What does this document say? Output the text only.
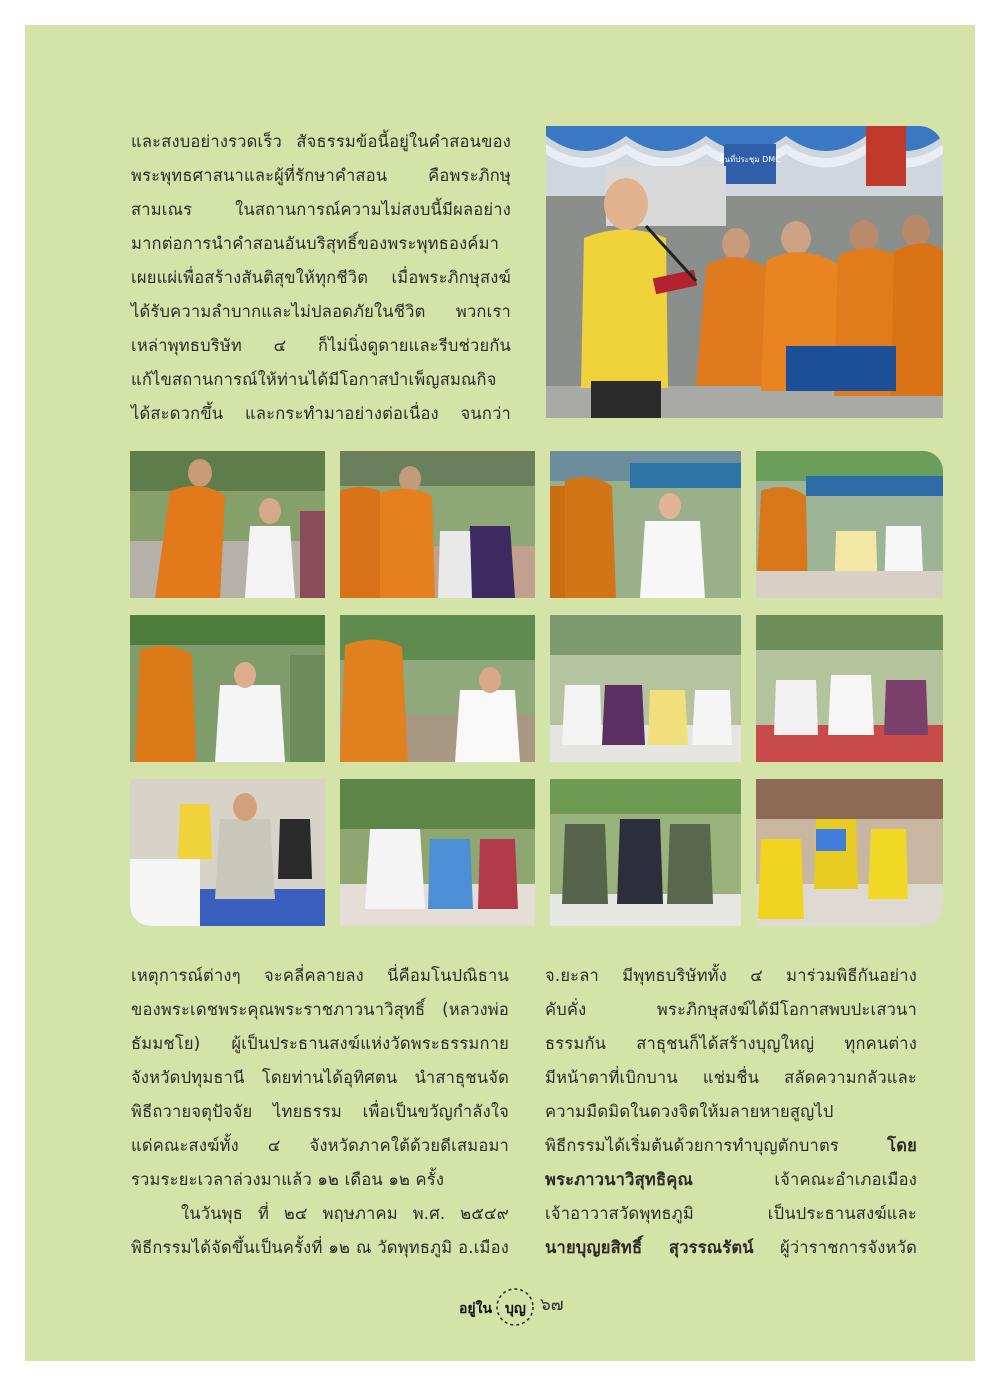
และสงบอย่างรวดเร็ว สัจธรรมข้อนี้อยู่ในคำสอนของ
พระพุทธศาสนาและผู้ที่รักษาคำสอน คือพระภิกษุ
สามเณร ในสถานการณ์ความไม่สงบนี้มีผลอย่าง
มากต่อการนำคำสอนอันบริสุทธิ์ของพระพุทธองค์มา
เผยแผ่เพื่อสร้างสันติสุขให้ทุกชีวิต เมื่อพระภิกษุสงฆ์
ได้รับความลำบากและไม่ปลอดภัยในชีวิต พวกเรา
เหล่าพุทธบริษัท ๔ ก็ไม่นิ่งดูดายและรีบช่วยกัน
แก้ไขสถานการณ์ให้ท่านได้มีโอกาสบำเพ็ญสมณกิจ
ได้สะดวกขึ้น และกระทำมาอย่างต่อเนื่อง จนกว่า
พื้นที่ประชุม DMC
เหตุการณ์ต่างๆ จะคลี่คลายลง นี่คือมโนปณิธาน
ของพระเดชพระคุณพระราชภาวนาวิสุทธิ์ (หลวงพ่อ
ธัมมชโย) ผู้เป็นประธานสงฆ์แห่งวัดพระธรรมกาย
จังหวัดปทุมธานี โดยท่านได้อุทิศตน นำสาธุชนจัด
พิธีถวายจตุปัจจัย ไทยธรรม เพื่อเป็นขวัญกำลังใจ
แด่คณะสงฆ์ทั้ง ๔ จังหวัดภาคใต้ด้วยดีเสมอมา
รวมระยะเวลาล่วงมาแล้ว ๑๒ เดือน ๑๒ ครั้ง
ในวันพุธ ที่ ๒๔ พฤษภาคม พ.ศ. ๒๕๔๙
พิธีกรรมได้จัดขึ้นเป็นครั้งที่ ๑๒ ณ วัดพุทธภูมิ อ.เมือง
จ.ยะลา มีพุทธบริษัททั้ง ๔ มาร่วมพิธีกันอย่าง
คับคั่ง พระภิกษุสงฆ์ได้มีโอกาสพบปะเสวนา
ธรรมกัน สาธุชนก็ได้สร้างบุญใหญ่ ทุกคนต่าง
มีหน้าตาที่เบิกบาน แช่มชื่น สลัดความกลัวและ
ความมืดมิดในดวงจิตให้มลายหายสูญไป
พิธีกรรมได้เริ่มต้นด้วยการทำบุญตักบาตร โดย
พระภาวนาวิสุทธิคุณ เจ้าคณะอำเภอเมือง
เจ้าอาวาสวัดพุทธภูมิ เป็นประธานสงฆ์และ
นายบุญยสิทธิ์ สุวรรณรัตน์ ผู้ว่าราชการจังหวัด
อยู่ใน บุญ ๖๗
